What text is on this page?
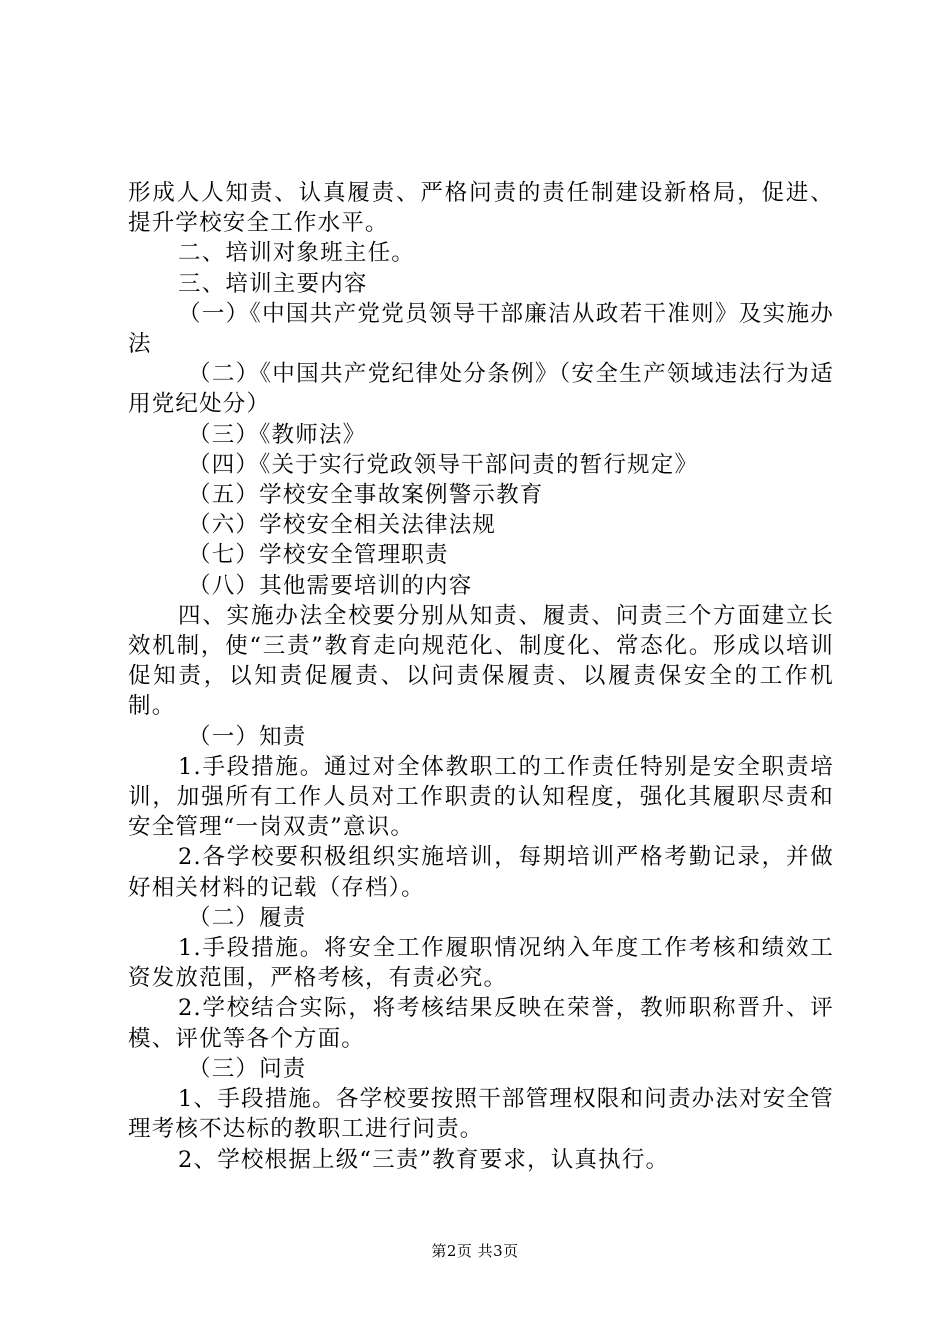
形成人人知责、认真履责、严格问责的责任制建设新格局，促进、提升学校安全工作水平。

二、培训对象班主任。

三、培训主要内容

（一）《中国共产党党员领导干部廉洁从政若干准则》及实施办法

（二）《中国共产党纪律处分条例》（安全生产领域违法行为适用党纪处分）

（三）《教师法》

（四）《关于实行党政领导干部问责的暂行规定》

（五）学校安全事故案例警示教育

（六）学校安全相关法律法规

（七）学校安全管理职责

（八）其他需要培训的内容

四、实施办法全校要分别从知责、履责、问责三个方面建立长效机制，使“三责”教育走向规范化、制度化、常态化。形成以培训促知责，以知责促履责、以问责保履责、以履责保安全的工作机制。

（一）知责

1.手段措施。通过对全体教职工的工作责任特别是安全职责培训，加强所有工作人员对工作职责的认知程度，强化其履职尽责和安全管理“一岗双责”意识。

2.各学校要积极组织实施培训，每期培训严格考勤记录，并做好相关材料的记载（存档）。

（二）履责

1.手段措施。将安全工作履职情况纳入年度工作考核和绩效工资发放范围，严格考核，有责必究。

2.学校结合实际，将考核结果反映在荣誉，教师职称晋升、评模、评优等各个方面。

（三）问责

1、手段措施。各学校要按照干部管理权限和问责办法对安全管理考核不达标的教职工进行问责。

2、学校根据上级“三责”教育要求，认真执行。

第2页 共3页
